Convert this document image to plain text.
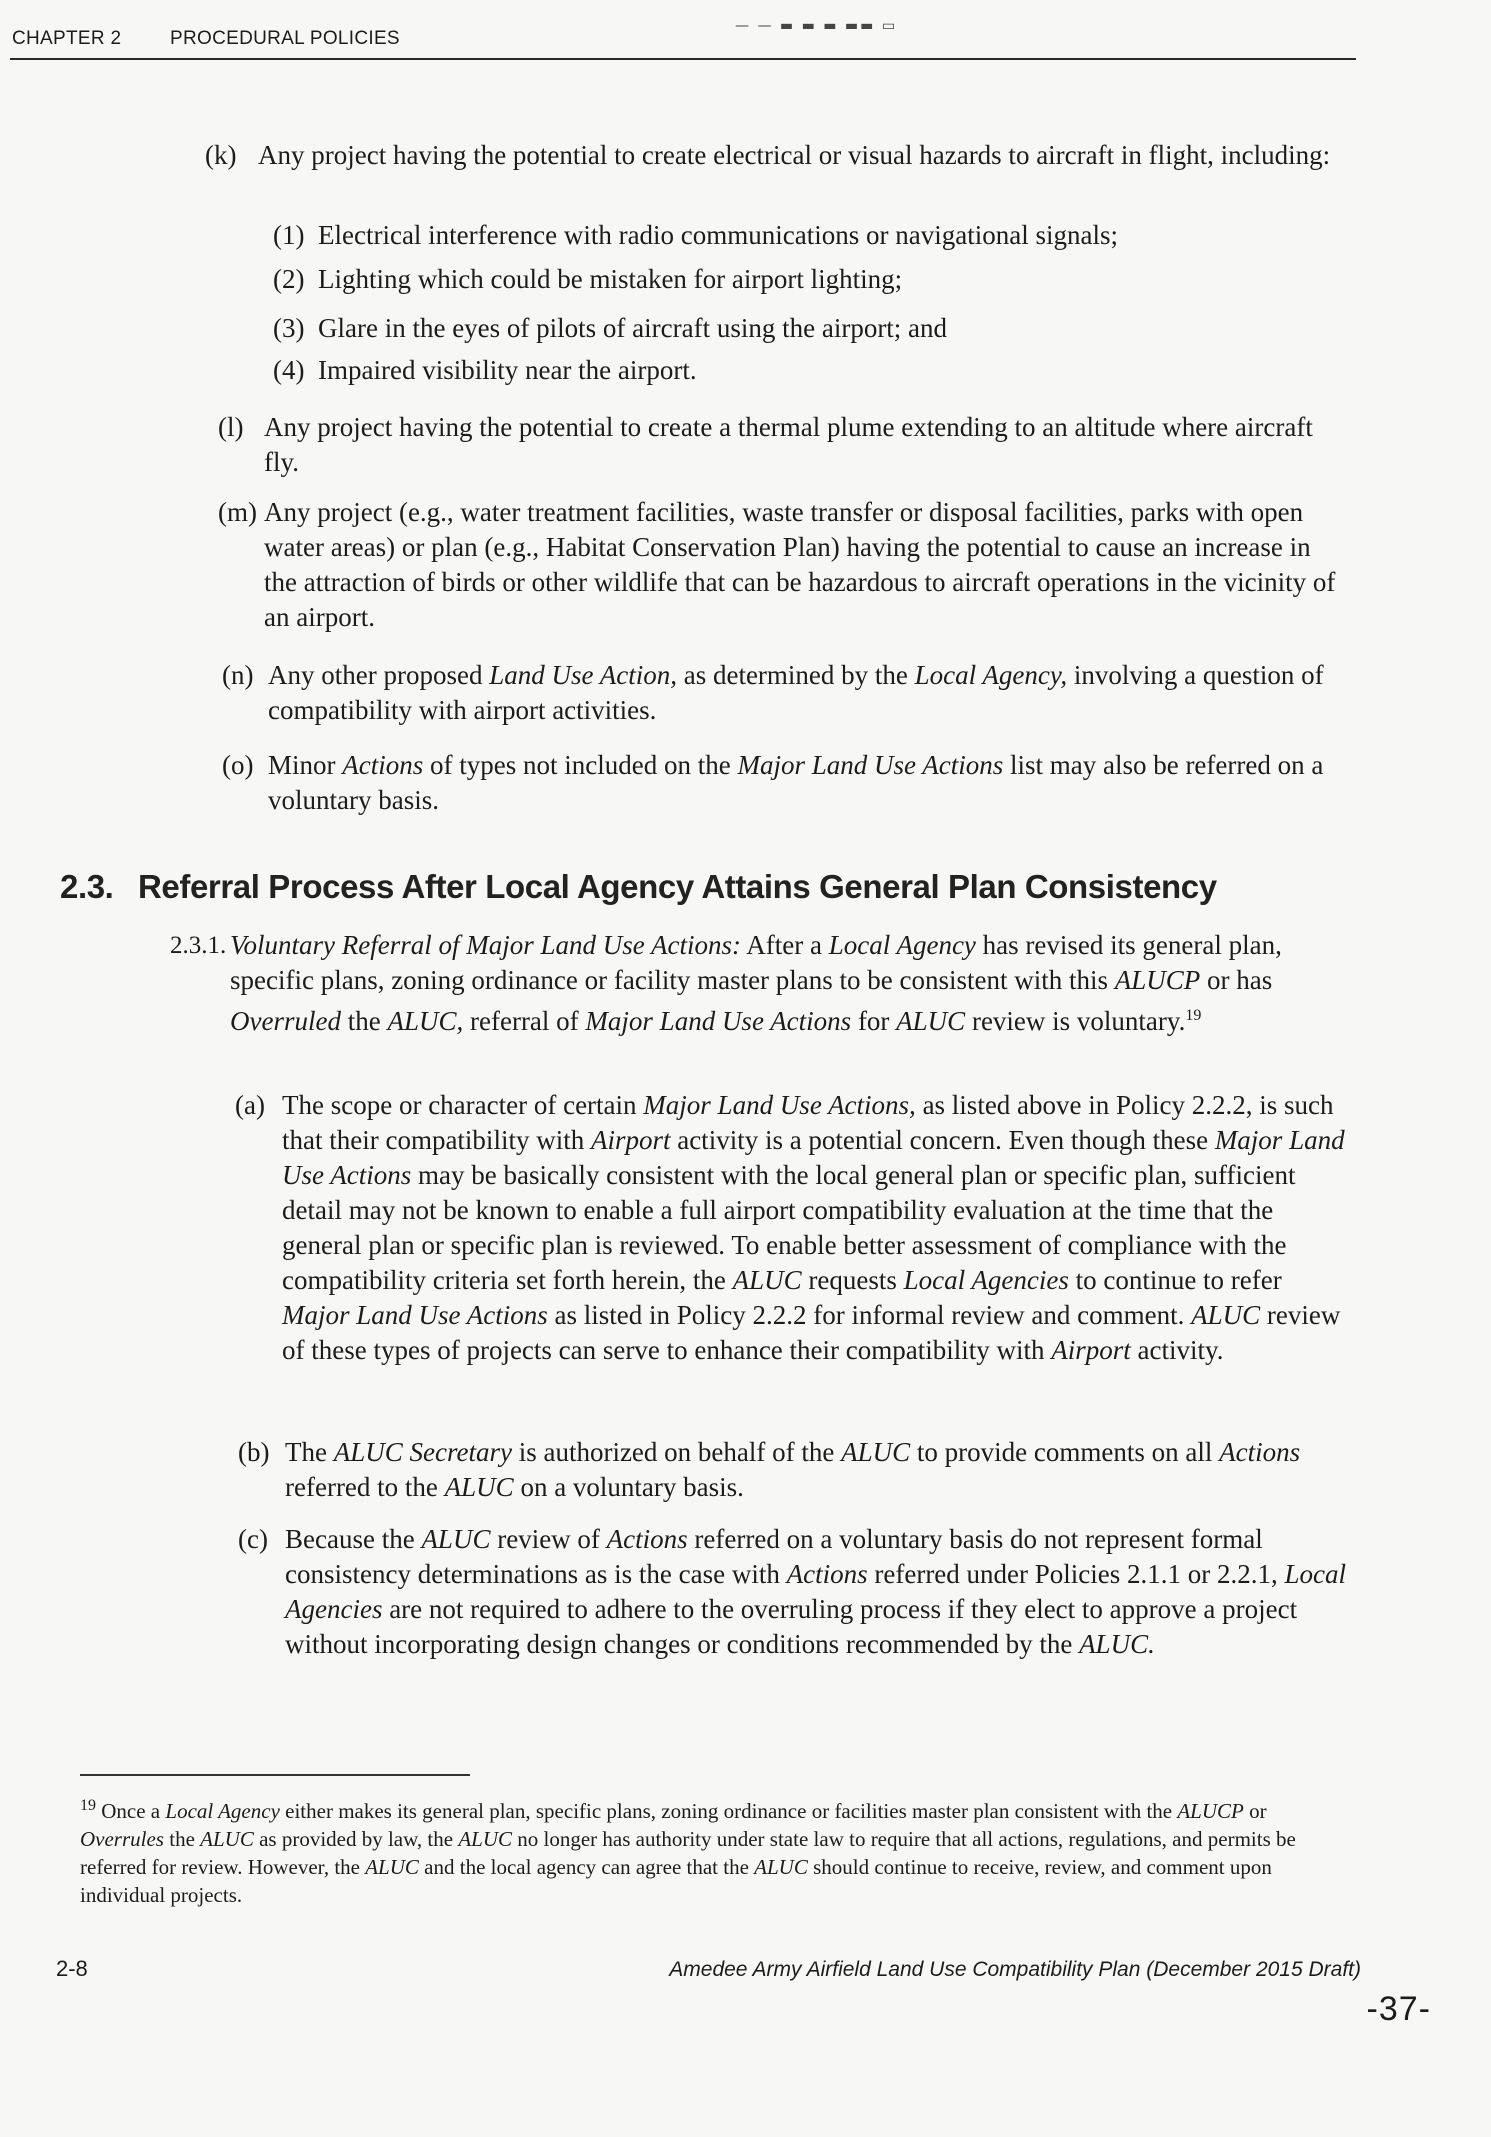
CHAPTER 2	PROCEDURAL POLICIES
— — ▬ ▬ ▬ ▬▬ ▭
(k) Any project having the potential to create electrical or visual hazards to aircraft in flight, including:
(1) Electrical interference with radio communications or navigational signals;
(2) Lighting which could be mistaken for airport lighting;
(3) Glare in the eyes of pilots of aircraft using the airport; and
(4) Impaired visibility near the airport.
(l) Any project having the potential to create a thermal plume extending to an altitude where aircraft fly.
(m) Any project (e.g., water treatment facilities, waste transfer or disposal facilities, parks with open water areas) or plan (e.g., Habitat Conservation Plan) having the potential to cause an increase in the attraction of birds or other wildlife that can be hazardous to aircraft operations in the vicinity of an airport.
(n) Any other proposed Land Use Action, as determined by the Local Agency, involving a question of compatibility with airport activities.
(o) Minor Actions of types not included on the Major Land Use Actions list may also be referred on a voluntary basis.
2.3. Referral Process After Local Agency Attains General Plan Consistency
2.3.1. Voluntary Referral of Major Land Use Actions: After a Local Agency has revised its general plan, specific plans, zoning ordinance or facility master plans to be consistent with this ALUCP or has Overruled the ALUC, referral of Major Land Use Actions for ALUC review is voluntary.$^{19}$
(a) The scope or character of certain Major Land Use Actions, as listed above in Policy 2.2.2, is such that their compatibility with Airport activity is a potential concern. Even though these Major Land Use Actions may be basically consistent with the local general plan or specific plan, sufficient detail may not be known to enable a full airport compatibility evaluation at the time that the general plan or specific plan is reviewed. To enable better assessment of compliance with the compatibility criteria set forth herein, the ALUC requests Local Agencies to continue to refer Major Land Use Actions as listed in Policy 2.2.2 for informal review and comment. ALUC review of these types of projects can serve to enhance their compatibility with Airport activity.
(b) The ALUC Secretary is authorized on behalf of the ALUC to provide comments on all Actions referred to the ALUC on a voluntary basis.
(c) Because the ALUC review of Actions referred on a voluntary basis do not represent formal consistency determinations as is the case with Actions referred under Policies 2.1.1 or 2.2.1, Local Agencies are not required to adhere to the overruling process if they elect to approve a project without incorporating design changes or conditions recommended by the ALUC.
$^{19}$ Once a Local Agency either makes its general plan, specific plans, zoning ordinance or facilities master plan consistent with the ALUCP or Overrules the ALUC as provided by law, the ALUC no longer has authority under state law to require that all actions, regulations, and permits be referred for review. However, the ALUC and the local agency can agree that the ALUC should continue to receive, review, and comment upon individual projects.
2-8	Amedee Army Airfield Land Use Compatibility Plan (December 2015 Draft)
-37-
